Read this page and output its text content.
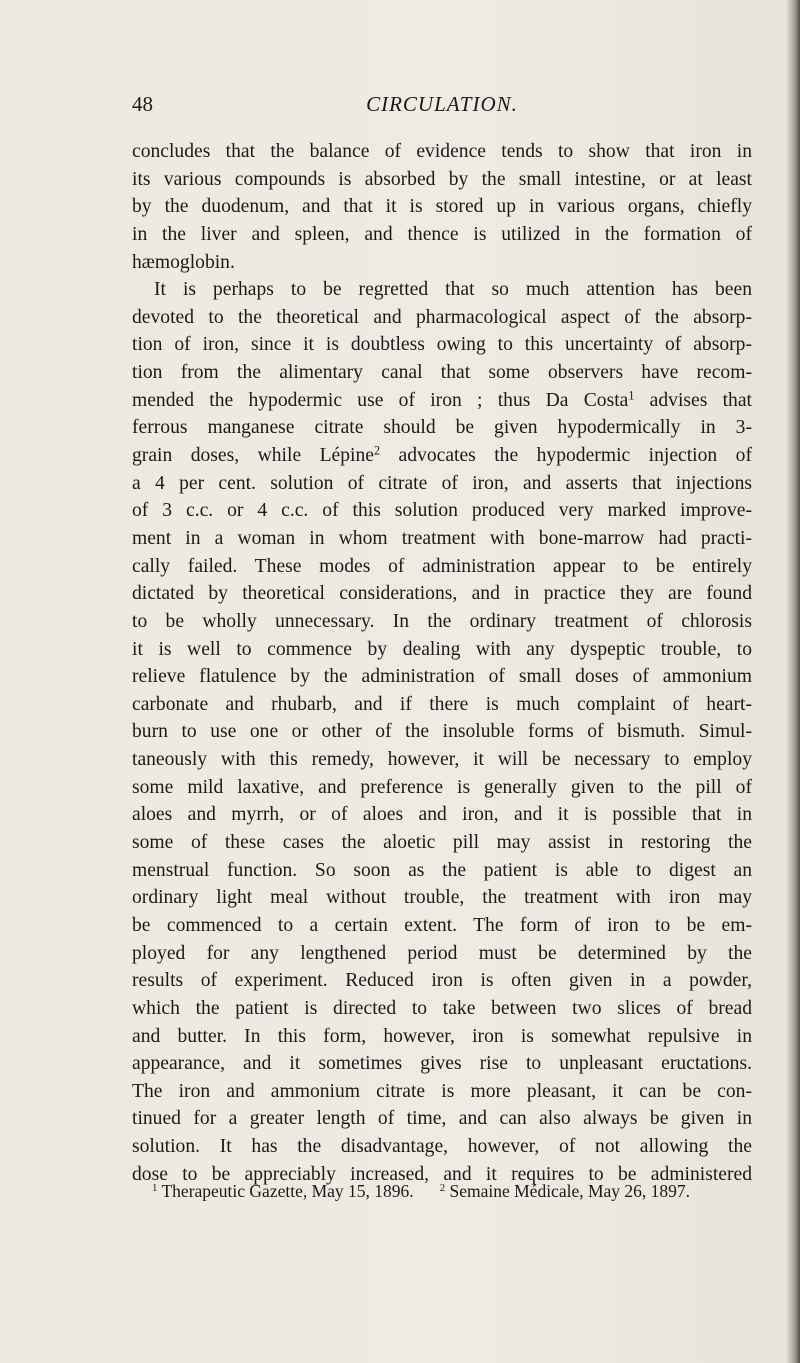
48	CIRCULATION.
concludes that the balance of evidence tends to show that iron in
its various compounds is absorbed by the small intestine, or at least
by the duodenum, and that it is stored up in various organs, chiefly
in the liver and spleen, and thence is utilized in the formation of
hæmoglobin.
It is perhaps to be regretted that so much attention has been
devoted to the theoretical and pharmacological aspect of the absorp-
tion of iron, since it is doubtless owing to this uncertainty of absorp-
tion from the alimentary canal that some observers have recom-
mended the hypodermic use of iron ; thus Da Costa$^1$ advises that
ferrous manganese citrate should be given hypodermically in 3-
grain doses, while Lépine$^2$ advocates the hypodermic injection of
a 4 per cent. solution of citrate of iron, and asserts that injections
of 3 c.c. or 4 c.c. of this solution produced very marked improve-
ment in a woman in whom treatment with bone-marrow had practi-
cally failed. These modes of administration appear to be entirely
dictated by theoretical considerations, and in practice they are found
to be wholly unnecessary. In the ordinary treatment of chlorosis
it is well to commence by dealing with any dyspeptic trouble, to
relieve flatulence by the administration of small doses of ammonium
carbonate and rhubarb, and if there is much complaint of heart-
burn to use one or other of the insoluble forms of bismuth. Simul-
taneously with this remedy, however, it will be necessary to employ
some mild laxative, and preference is generally given to the pill of
aloes and myrrh, or of aloes and iron, and it is possible that in
some of these cases the aloetic pill may assist in restoring the
menstrual function. So soon as the patient is able to digest an
ordinary light meal without trouble, the treatment with iron may
be commenced to a certain extent. The form of iron to be em-
ployed for any lengthened period must be determined by the
results of experiment. Reduced iron is often given in a powder,
which the patient is directed to take between two slices of bread
and butter. In this form, however, iron is somewhat repulsive in
appearance, and it sometimes gives rise to unpleasant eructations.
The iron and ammonium citrate is more pleasant, it can be con-
tinued for a greater length of time, and can also always be given in
solution. It has the disadvantage, however, of not allowing the
dose to be appreciably increased, and it requires to be administered
$^1$ Therapeutic Gazette, May 15, 1896. $^2$ Semaine Médicale, May 26, 1897.
